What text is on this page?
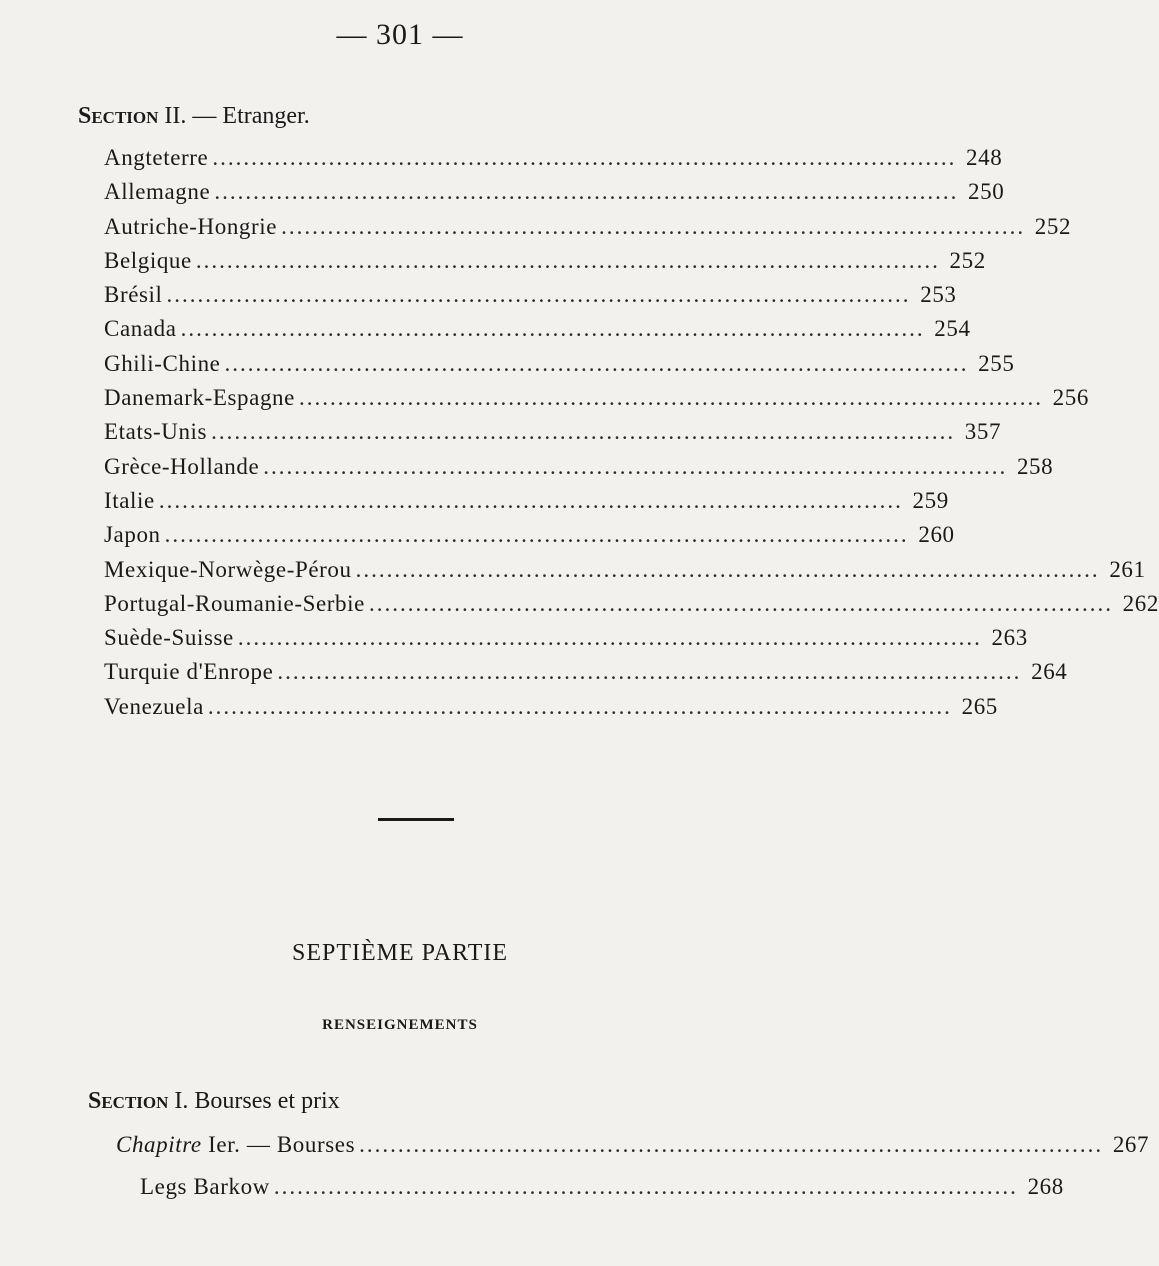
— 301 —
Section II. — Etranger.
Angteterre ................................................................................................ 248
Allemagne ................................................................................................ 250
Autriche-Hongrie ................................................................................................ 252
Belgique ................................................................................................ 252
Brésil ................................................................................................ 253
Canada ................................................................................................ 254
Ghili-Chine ................................................................................................ 255
Danemark-Espagne ................................................................................................ 256
Etats-Unis ................................................................................................ 357
Grèce-Hollande ................................................................................................ 258
Italie ................................................................................................ 259
Japon ................................................................................................ 260
Mexique-Norwège-Pérou ................................................................................................ 261
Portugal-Roumanie-Serbie ................................................................................................ 262
Suède-Suisse ................................................................................................ 263
Turquie d'Enrope ................................................................................................ 264
Venezuela ................................................................................................ 265
SEPTIÈME PARTIE
RENSEIGNEMENTS
Section I. Bourses et prix
Chapitre Ier. — Bourses ................................................................................................ 267
Legs Barkow ................................................................................................ 268
